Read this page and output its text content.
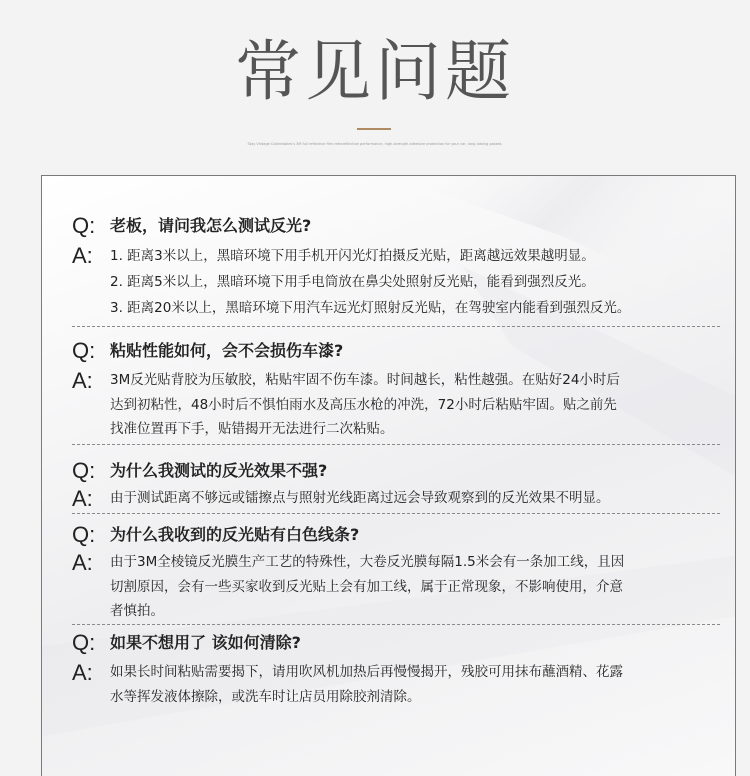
常见问题
Stay Vintage Collectables's 3M full reflective film retroreflective performance, high-strength adhesive protection for your car, long lasting pasted.
Q: 老板，请问我怎么测试反光?
A: 1. 距离3米以上，黑暗环境下用手机开闪光灯拍摄反光贴，距离越远效果越明显。
2. 距离5米以上，黑暗环境下用手电筒放在鼻尖处照射反光贴，能看到强烈反光。
3. 距离20米以上，黑暗环境下用汽车远光灯照射反光贴，在驾驶室内能看到强烈反光。
Q: 粘贴性能如何，会不会损伤车漆?
A: 3M反光贴背胶为压敏胶，粘贴牢固不伤车漆。时间越长，粘性越强。在贴好24小时后
达到初粘性，48小时后不惧怕雨水及高压水枪的冲洗，72小时后粘贴牢固。贴之前先
找准位置再下手，贴错揭开无法进行二次粘贴。
Q: 为什么我测试的反光效果不强?
A: 由于测试距离不够远或镭擦点与照射光线距离过远会导致观察到的反光效果不明显。
Q: 为什么我收到的反光贴有白色线条?
A: 由于3M全棱镜反光膜生产工艺的特殊性，大卷反光膜每隔1.5米会有一条加工线，且因
切割原因，会有一些买家收到反光贴上会有加工线，属于正常现象，不影响使用，介意
者慎拍。
Q: 如果不想用了 该如何清除?
A: 如果长时间粘贴需要揭下，请用吹风机加热后再慢慢揭开，残胶可用抹布蘸酒精、花露
水等挥发液体擦除，或洗车时让店员用除胶剂清除。
